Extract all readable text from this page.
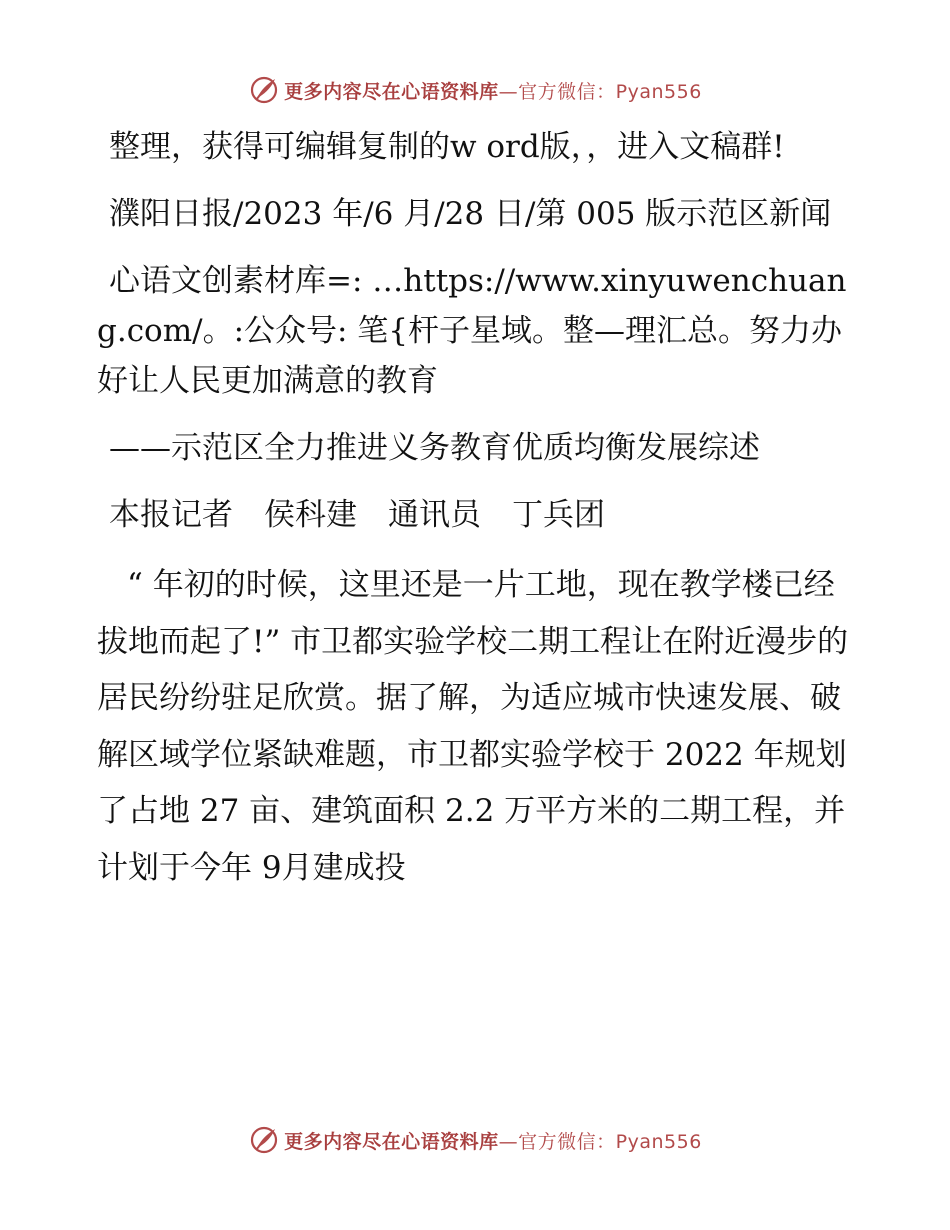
更多内容尽在心语资料库—官方微信：Pyan556

整理，获得可编辑复制的w ord版，，进入文稿群!

濮阳日报/2023 年/6 月/28 日/第 005 版示范区新闻

心语文创素材库=: …https://www.xinyuwenchuang.com/。:公众号: 笔{杆子星域。整—理汇总。努力办好让人民更加满意的教育

——示范区全力推进义务教育优质均衡发展综述

本报记者　侯科建　通讯员　丁兵团

“ 年初的时候，这里还是一片工地，现在教学楼已经拔地而起了!” 市卫都实验学校二期工程让在附近漫步的居民纷纷驻足欣赏。据了解，为适应城市快速发展、破解区域学位紧缺难题，市卫都实验学校于 2022 年规划了占地 27 亩、建筑面积 2.2 万平方米的二期工程，并计划于今年 9月建成投

更多内容尽在心语资料库—官方微信：Pyan556
